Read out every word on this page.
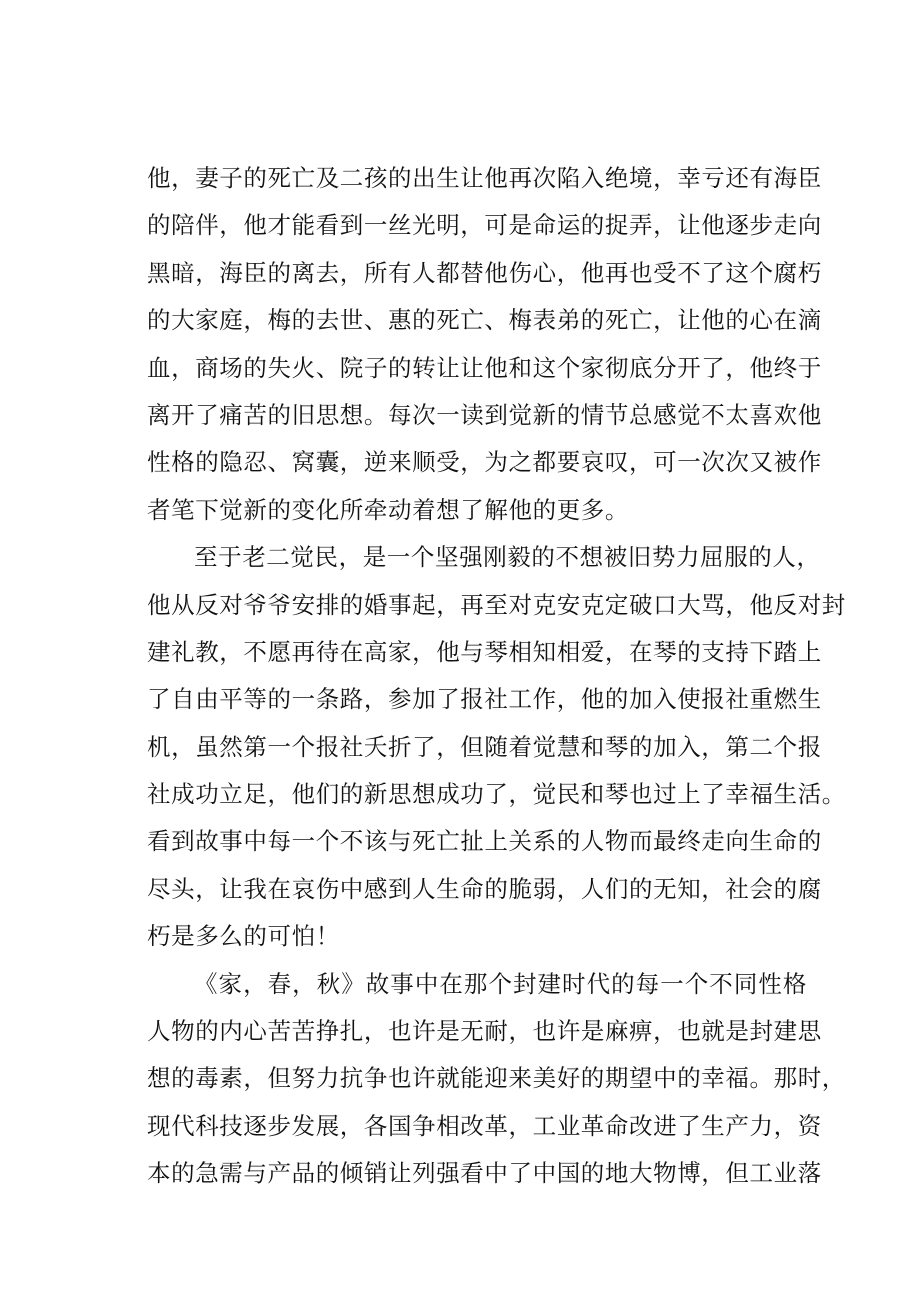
他，妻子的死亡及二孩的出生让他再次陷入绝境，幸亏还有海臣
的陪伴，他才能看到一丝光明，可是命运的捉弄，让他逐步走向
黑暗，海臣的离去，所有人都替他伤心，他再也受不了这个腐朽
的大家庭，梅的去世、惠的死亡、梅表弟的死亡，让他的心在滴
血，商场的失火、院子的转让让他和这个家彻底分开了，他终于
离开了痛苦的旧思想。每次一读到觉新的情节总感觉不太喜欢他
性格的隐忍、窝囊，逆来顺受，为之都要哀叹，可一次次又被作
者笔下觉新的变化所牵动着想了解他的更多。
至于老二觉民，是一个坚强刚毅的不想被旧势力屈服的人，
他从反对爷爷安排的婚事起，再至对克安克定破口大骂，他反对封
建礼教，不愿再待在高家，他与琴相知相爱，在琴的支持下踏上
了自由平等的一条路，参加了报社工作，他的加入使报社重燃生
机，虽然第一个报社夭折了，但随着觉慧和琴的加入，第二个报
社成功立足，他们的新思想成功了，觉民和琴也过上了幸福生活。
看到故事中每一个不该与死亡扯上关系的人物而最终走向生命的
尽头，让我在哀伤中感到人生命的脆弱，人们的无知，社会的腐
朽是多么的可怕！
《家，春，秋》故事中在那个封建时代的每一个不同性格
人物的内心苦苦挣扎，也许是无耐，也许是麻痹，也就是封建思
想的毒素，但努力抗争也许就能迎来美好的期望中的幸福。那时，
现代科技逐步发展，各国争相改革，工业革命改进了生产力，资
本的急需与产品的倾销让列强看中了中国的地大物博，但工业落
